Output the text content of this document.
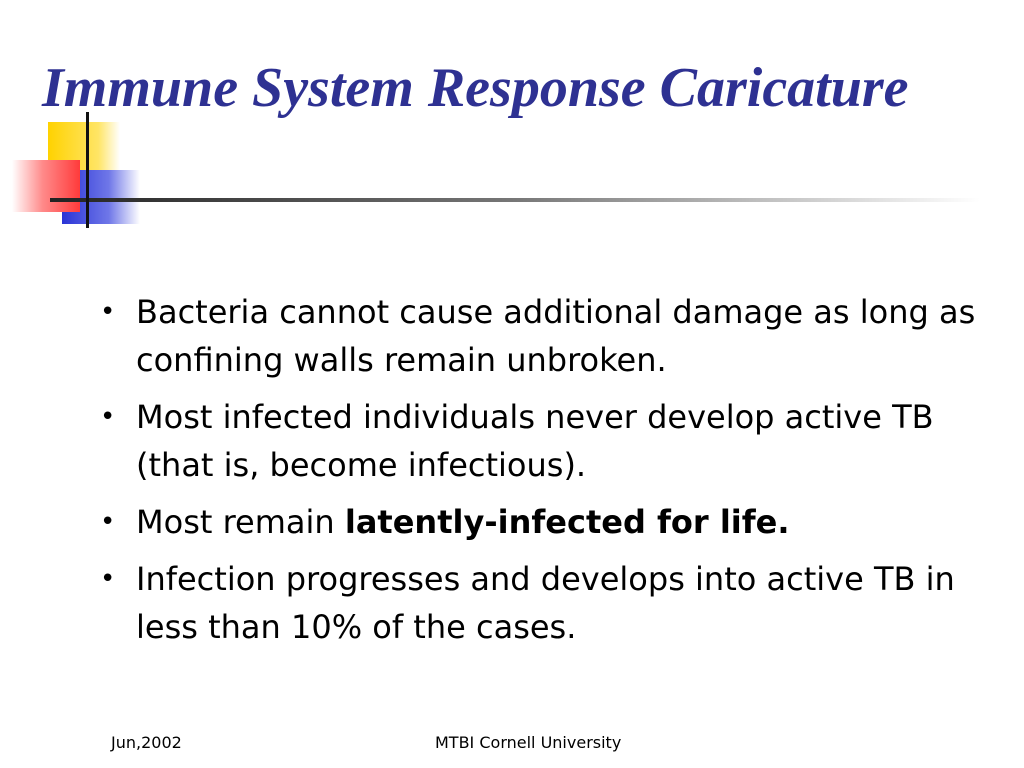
Immune System Response Caricature
• Bacteria cannot cause additional damage as long as confining walls remain unbroken.
• Most infected individuals never develop active TB (that is, become infectious).
• Most remain latently-infected for life.
• Infection progresses and develops into active TB in less than 10% of the cases.
Jun,2002	MTBI Cornell University
